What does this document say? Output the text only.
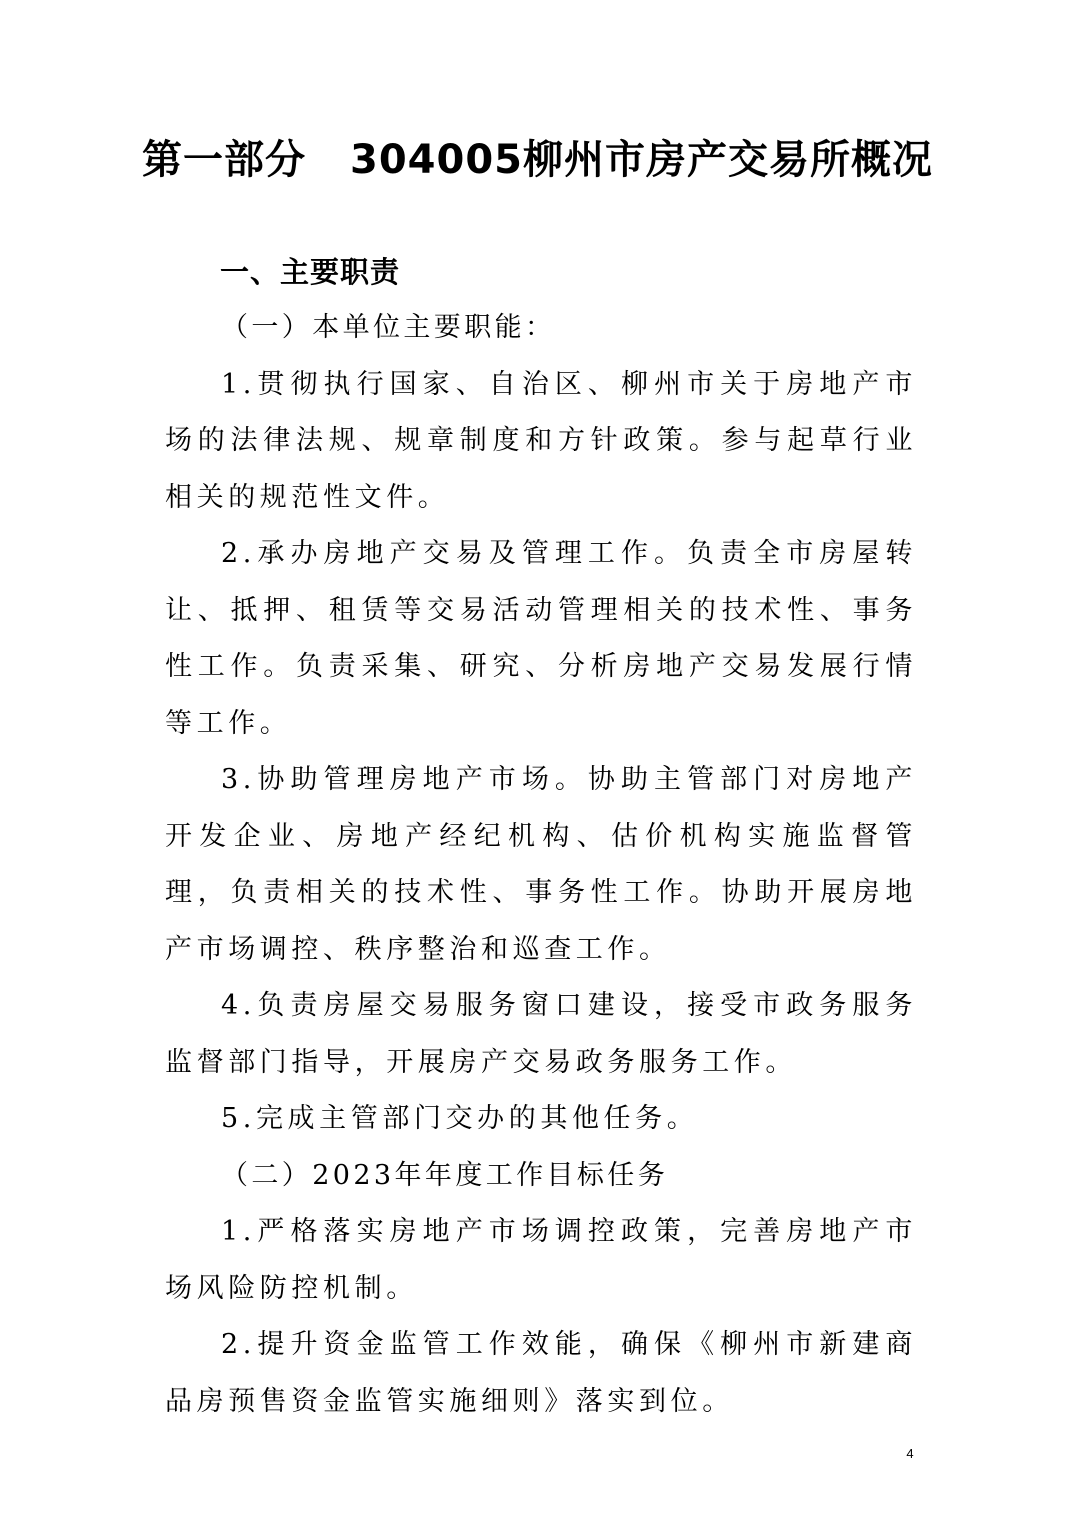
第一部分 304005柳州市房产交易所概况
一、主要职责

（一）本单位主要职能：

1.贯彻执行国家、自治区、柳州市关于房地产市场的法律法规、规章制度和方针政策。参与起草行业相关的规范性文件。

2.承办房地产交易及管理工作。负责全市房屋转让、抵押、租赁等交易活动管理相关的技术性、事务性工作。负责采集、研究、分析房地产交易发展行情等工作。

3.协助管理房地产市场。协助主管部门对房地产开发企业、房地产经纪机构、估价机构实施监督管理，负责相关的技术性、事务性工作。协助开展房地产市场调控、秩序整治和巡查工作。

4.负责房屋交易服务窗口建设，接受市政务服务监督部门指导，开展房产交易政务服务工作。

5.完成主管部门交办的其他任务。

（二）2023年年度工作目标任务

1.严格落实房地产市场调控政策，完善房地产市场风险防控机制。

2.提升资金监管工作效能，确保《柳州市新建商品房预售资金监管实施细则》落实到位。

4
